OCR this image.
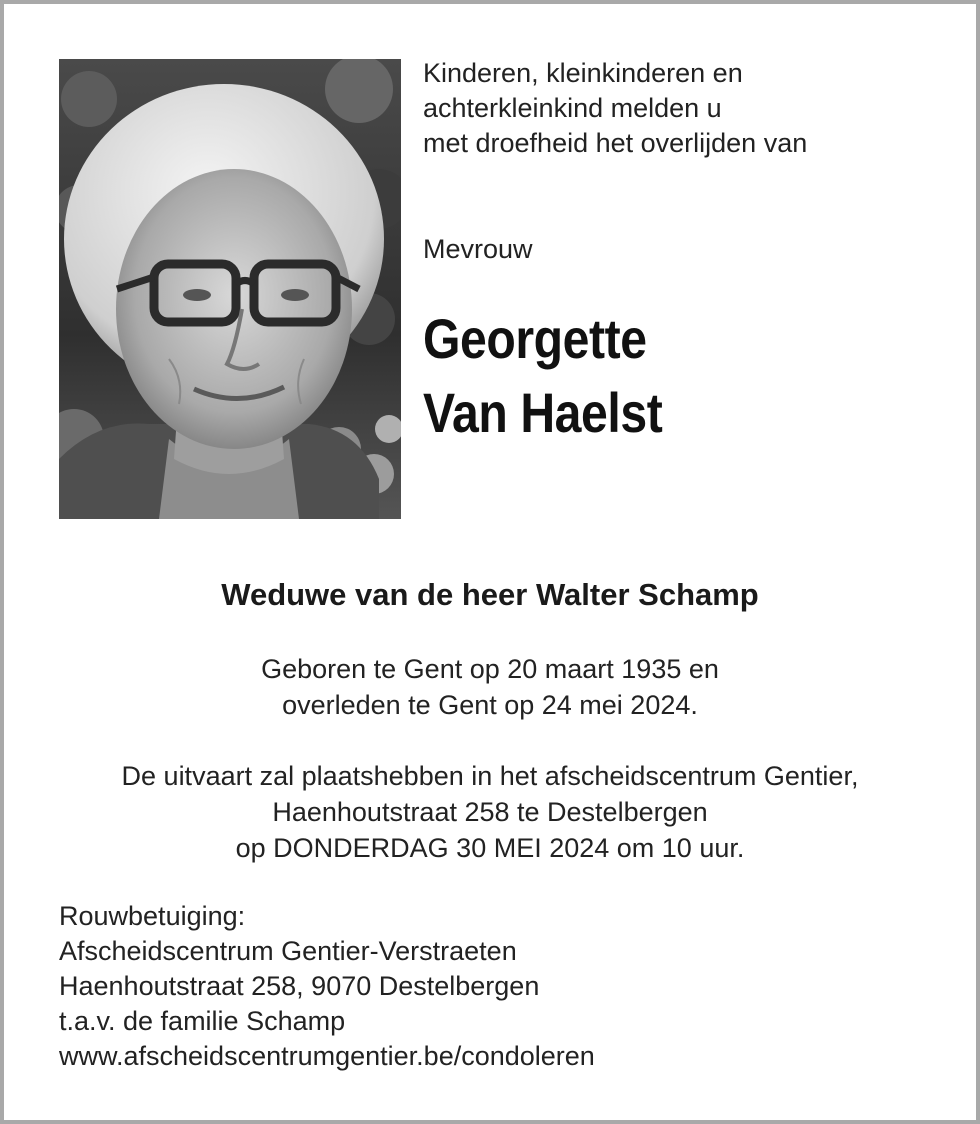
Kinderen, kleinkinderen en
achterkleinkind melden u
met droefheid het overlijden van
Mevrouw
Georgette
Van Haelst
Weduwe van de heer Walter Schamp
Geboren te Gent op 20 maart 1935 en
overleden te Gent op 24 mei 2024.
De uitvaart zal plaatshebben in het afscheidscentrum Gentier,
Haenhoutstraat 258 te Destelbergen
op DONDERDAG 30 MEI 2024 om 10 uur.
Rouwbetuiging:
Afscheidscentrum Gentier-Verstraeten
Haenhoutstraat 258, 9070 Destelbergen
t.a.v. de familie Schamp
www.afscheidscentrumgentier.be/condoleren
